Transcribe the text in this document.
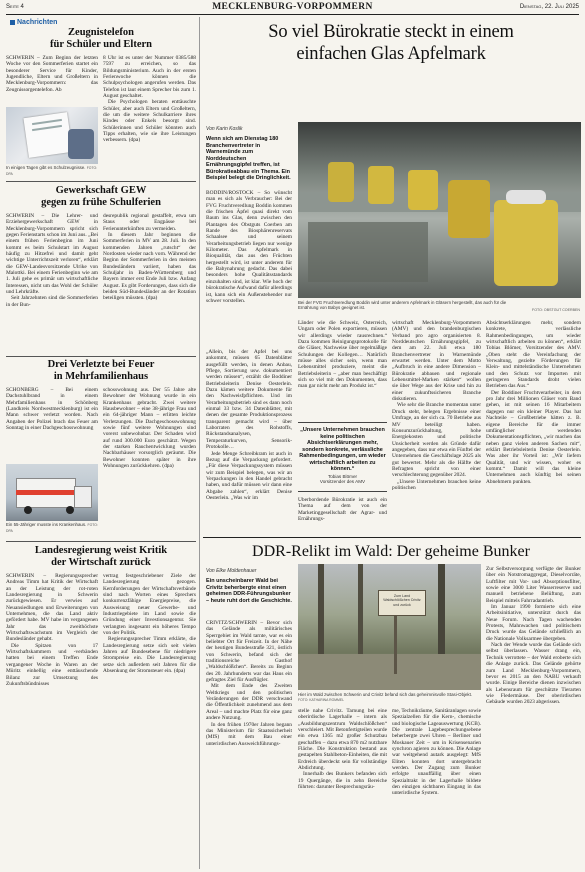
Seite 4	MECKLENBURG-VORPOMMERN	Dienstag, 22. Juli 2025
Nachrichten
Zeugnistelefon
für Schüler und Eltern
SCHWERIN – Zum Beginn der letzten Woche vor den Sommerferien startet ein besonderer Service für Kinder, Jugendliche, Eltern und Großeltern in Mecklenburg-Vorpommern: das Zeugnissorgentelefon. Ab
In einigen Tagen gibt es Schulzeugnisse. FOTO: DPA

8 Uhr ist es unter der Nummer 0385/588 7597 zu erreichen, so das Bildungsministerium. Auch in der ersten Ferienwoche können die Schulpsychologen angerufen werden. Das Telefon ist laut einem Sprecher bis zum 1. August geschaltet.

Die Psychologen beraten enttäuschte Schüler, aber auch Eltern und Großeltern, die um die weitere Schulkarriere ihres Kindes oder Enkels besorgt sind. Schülerinnen und Schüler könnten auch Tipps erhalten, wie sie ihre Leistungen verbessern. (dpa)

Gewerkschaft GEW
gegen zu frühe Schulferien

SCHWERIN – Die Lehrer- und Erziehergewerkschaft GEW in Mecklenburg-Vorpommern spricht sich gegen Ferienstarts schon im Juni aus. „Bei einem frühen Ferienbeginn im Juni kommt es beim Schulstart im August häufig zu Hitzefrei und damit geht wichtige Unterrichtszeit verloren“, erklärt die GEW-Landesvorsitzende Ulrike von Malottki. Bei einem Ferienbeginn wie am 1. Juli gehe es primär um wirtschaftliche Interessen, nicht um das Wohl der Schüler und Lehrkräfte.

Seit Jahrzehnten sind die Sommerferien in der Bun-

desrepublik regional gestaffelt, etwa um Staus oder Engpässe bei Ferienunterkünften zu vermeiden.

In diesem Jahr beginnen die Sommerferien in MV am 28. Juli. In den kommenden Jahren „rutscht“ der Nordosten wieder nach vorn. Während der Beginn der Sommerferien in den meisten Bundesländern variiert, haben das Schuljahr in Baden-Württemberg und Bayern immer erst Ende Juli bzw. Anfang August. Es gibt Forderungen, dass sich die beiden Süd-Bundesländer an der Rotation beteiligen müssten. (dpa)

Drei Verletzte bei Feuer
in Mehrfamilienhaus
SCHÖNBERG – Bei einem Dachstuhlbrand in einem Mehrfamilienhaus in Schönberg (Landkreis Nordwestmecklenburg) ist ein Mann schwer verletzt worden. Nach Angaben der Polizei brach das Feuer am Sonntag in einer Dachgeschosswohnung
Ein 55-Jähriger musste ins Krankenhaus. FOTO: DPA
schosswohnung aus. Der 55 Jahre alte Bewohner der Wohnung wurde in ein Krankenhaus gebracht. Zwei weitere Hausbewohner – eine 38-jährige Frau und ein 64-jähriger Mann – erlitten leichte Verletzungen. Die Dachgeschosswohnung sowie fünf weitere Wohnungen sind vorerst unbewohnbar. Der Schaden wird auf rund 300.000 Euro geschätzt. Wegen der starken Rauchentwicklung wurden Nachbarhäuser vorsorglich geräumt. Die Bewohner konnten später in ihre Wohnungen zurückkehren. (dpa)
Landesregierung weist Kritik
der Wirtschaft zurück

SCHWERIN – Regierungssprecher Andreas Timm hat Kritik der Wirtschaft an der Leistung der rot-roten Landesregierung in Schwerin zurückgewiesen. Er verwies auf Neuansiedlungen und Erweiterungen von Unternehmen, die das Land aktiv gefördert habe. MV habe im vergangenen Jahr das zweithöchste Wirtschaftswachstum im Vergleich der Bundesländer gehabt.

Die Spitzen von 17 Wirtschaftskammern und -verbänden hatten bei einem Treffen Ende vergangener Woche in Waren an der Müritz einhellig eine enttäuschende Bilanz zur Umsetzung des Zukunftsbündnisses

vertrag festgeschriebener Ziele der Landesregierung gezogen. Kernforderungen der Wirtschaftsverbände sind nach Worten eines Sprechers konkurrenzfähige Energiepreise, die Ausweisung neuer Gewerbe- und Industriegebiete im Land sowie die Gründung einer Investionsagentur. Sie verlangten insgesamt ein höheres Tempo von der Politik.

Regierungssprecher Timm erklärte, die Landesregierung setze sich seit vielen Jahren auf Bundesebene für niedrigere Strompreise ein. Die Landesregierung setze sich außerdem seit Jahren für die Absenkung der Stromsteuer ein. (dpa)

So viel Bürokratie steckt in einem
einfachen Glas Apfelmark
Von Karin Koslik
Wenn sich am Dienstag 180 Branchenvertreter in Warnemünde zum Norddeutschen Ernährungsgipfel treffen, ist Bürokratieabbau ein Thema. Ein Beispiel belegt die Dringlichkeit.
BODDIN/ROSTOCK – So wünscht man es sich als Verbraucher: Bei der FVG Fruchtveredlung Boddin kommen die frischen Äpfel quasi direkt vom Baum ins Glas, denn zwischen den Plantagen des Obstguts Coerben am Rande des Biosphärenreservats Schaalsee und seinem Verarbeitungsbetrieb liegen nur wenige Kilometer. Das Apfelmark in Bioqualität, das aus den Früchten hergestellt wird, ist unter anderem für die Babynahrung gedacht. Das dabei besonders hohe Qualitätsstandards einzuhalten sind, ist klar. Wie hoch der bürokratische Aufwand dafür allerdings ist, kann sich ein Außenstehender nur schwer vorstellen.	Bei der FVG Fruchtveredlung Boddin wird unter anderem Apfelmark in Gläsern hergestellt, das auch für die Ernährung von Babys geeignet ist.	FOTO: OBSTGUT COERBEN

„Allein, bis der Apfel bei uns ankommt, müssen 65 Datenblätter ausgefüllt werden, in denen Anbau, Pflege, Sortierung usw. dokumentiert werden müssen“, erzählt die Boddiner Betriebsleiterin Denise Oesterlein. Dazu kämen weitere Dokumente für den Nachweisfpflichten. Und im Verarbeitungsbetrieb sind es dann noch einmal 33 bzw. 34 Datenblätter, mit denen der gesamte Produktionsprozess transparent gemacht wird – über Laborraten des Rohstoffs, Rückstandsanalysen, Temperaturkurven, Sensorik-Protokolle…

Jede Menge Schreibkram ist auch in Bezug auf die Verpackung gefordert. „Für diese Verpackungssystem müssen wir zum Beispiel belegen, was wir an Verpackungen in den Handel gebracht haben, und dafür müssen wir dann eine Abgabe zahlen“, erklärt Denise Oesterlein. „Was wir im

Länder wie die Schweiz, Österreich, Ungarn oder Polen exportieren, müssen wir allerdings wieder rausrechnen.“ Dazu kommen Reinigungsprotokolle für die Gläser, Nachweise über regelmäßige Schulungen der Kollegen… Natürlich müsse alles sicher sein, wenn man Lebensmittel produziere, meint die Betriebsleiterin – „aber man beschäftigt sich so viel mit den Dokumenten, dass man gar nicht mehr am Produkt ist.“
„Unsere Unternehmen brauchen keine politischen Absichtserklärungen mehr, sondern konkrete, verlässliche Rahmenbedingungen, um wieder wirtschaftlich arbeiten zu können.“
Tobias Blömer
Vorsitzender des AMV
Überbordende Bürokratie ist auch ein Thema auf dem von der Marketinggesellschaft der Agrar- und Ernährungs-

wirtschaft Mecklenburg-Vorpommern (AMV) und den brandenburgischen Verband pro agro organisierten 8. Norddeutschen Ernährungsgipfel, zu dem am 22. Juli etwa 180 Branchenvertreter in Warnemünde erwartet werden. Unter dem Motto „Aufbruch in eine andere Dimension – Bürokratie abbauen und regionale Lebensmittel-Marken stärken“ wollen sie über Wege aus der Krise und hin zu einer zukunftssicheren Branche diskutieren.

Wie sehr die Branche momentan unter Druck steht, belegen Ergebnisse einer Umfrage, an der sich ca. 70 Betriebe aus MV beteiligt haben. Konsumzurückhaltung, hohe Energiekosten und politische Unsicherheit werden als Gründe dafür angegeben, dass nur etwa ein Fünftel der Unternehmen die Geschäftslage 2025 als gut bewertet. Mehr als die Hälfte der Befragten spricht von einer verschlechterung gegenüber 2024.

„Unsere Unternehmen brauchen keine politischen

Absichtserklärungen mehr, sondern konkrete, verlässliche Rahmenbedingungen, um wieder wirtschaftlich arbeiten zu können“, erklärt Tobias Blömer, Vorsitzender des AMV. „Oben steht die Vereinfachung der Verwaltung, gezielte Förderungen für Klein- und mittelständische Unternehmen und den Schutz vor Importen mit geringeren Standards droht vielen Betrieben das Aus.“

Der Boddiner Fruchtverarbeiter, in dem pro Jahr drei Millionen Gläser vom Band gehen, ist mit seinen 16 Mitarbeitern dagegen nur ein kleiner Player. Das hat Nachteile – Großbetriebe hätten z. B. eigene Bereiche für die immer umfänglicher werdenden Dokumentationspflichten, „wir machen das neben ganz vielen anderen Sachen mit“, erklärt Betriebsleiterin Denise Oesterlein. Was aber ihr Vorteil ist: „Wir liefern Qualität, und wir wissen, woher es kommt.“ Damit will das kleine Unternehmen auch künftig bei seinen Abnehmern punkten.

DDR-Relikt im Wald: Der geheime Bunker
Von Elke Moldenhauer
Ein unscheinbarer Wald bei Crivitz beherbergte einst einen geheimen DDR-Führungsbunker – heute ruht dort die Geschichte.

CRIVITZ/SCHWERIN – Bevor sich das Gelände als militärisches Sperrgebiet im Wald tarnte, war es ein beliebter Ort für Freizeit. In der Nähe der heutigen Bundesstraße 321, östlich von Schwerin, befand sich der traditionsreiche Gasthof „Waldschlößchen“. Bereits zu Beginn des 20. Jahrhunderts war das Haus ein gefragtes Ziel für Ausflügler.

Mit dem Ende des Zweiten Weltkriegs und den politischen Veränderungen der DDR verschwand die Öffentlichkeit zunehmend aus dem Areal – und machte Platz für eine ganz andere Nutzung.

In den frühen 1970er Jahren begann das Ministerium für Staatssicherheit (MfS) mit dem Bau einer unterirdischen Ausweichführungs-

Zum Land Waldschlößchen Crivitz und zurück
Hier im Wald zwischen Schwerin und Crivitz befand sich das geheimnisvolle Stasi-Objekt. FOTO: KATHARINA ROMMEL

stelle nahe Crivitz. Tarnung bei eine oberirdische Lagerhalle – intern als „Ausbildungszentrum Waldschlößchen“ verschleiert. Mit Betonfertigteilen wurde ein etwa 1365 m2 großer Schutzbau geschaffen – dazu etwa 870 m2 nutzbare Fläche. Die Konstruktion bestand aus gestapelten Stahlbeton-Einheiten, die mit Erdreich überdeckt sein für vollständige Abdichtung.

Innerhalb des Bunkers befanden sich 19 Quergänge, die in zehn Bereiche führten: darunter Besprechungsräu-

me, Technikräume, Sanitäranlagen sowie Spezialzellen für die Kern-, chemische und biologische Lageauswertung (KCB). Die zentrale Lagebesprechungsebene beherbergte zwei Uhren – Berliner und Moskauer Zeit – um in Krisensenarien synchron agieren zu können. Die Anlage war weitgehend autark ausgelegt: MfS Eliten konnten dort untergebracht werden. Der Zugang zum Bunker erfolgte unauffällig über einen Spezialtrakt in der Lagerhalle bildete den einzigen sichtbaren Eingang in das unterirdische System.

Zur Selbstversorgung verfügte der Bunker über ein Notstromaggregat, Dieselvorräte, Luftfilter mit Vor- und Absorptionsfilter, sowie eine 3000 Liter Wasserreserve und manuell betriebene Belüftung, zum Beispiel mittels Fahrradantrieb.

Im Januar 1990 formierte sich eine Arbeitsinitiative, unterstützt durch das Neue Forum. Nach Tagen wachenden Protests, Mahnwachen und politischem Druck wurde das Gelände schließlich an die Nationale Volksarmee übergeben.

Nach der Wende wurde das Gelände sich selbst überlassen. Wasser drang ein, Technik verrottete – der Wald eroberte sich die Anlage zurück. Das Gelände gehörte zum Land Mecklenburg-Vorpommern, bevor es 2015 an den NABU verkauft wurde. Einige Bereiche dienen inzwischen als Lebensraum für geschützte Tierarten wie Fledermäuse. Der oberirdischen Gebäude wurden 2023 abgerissen.
